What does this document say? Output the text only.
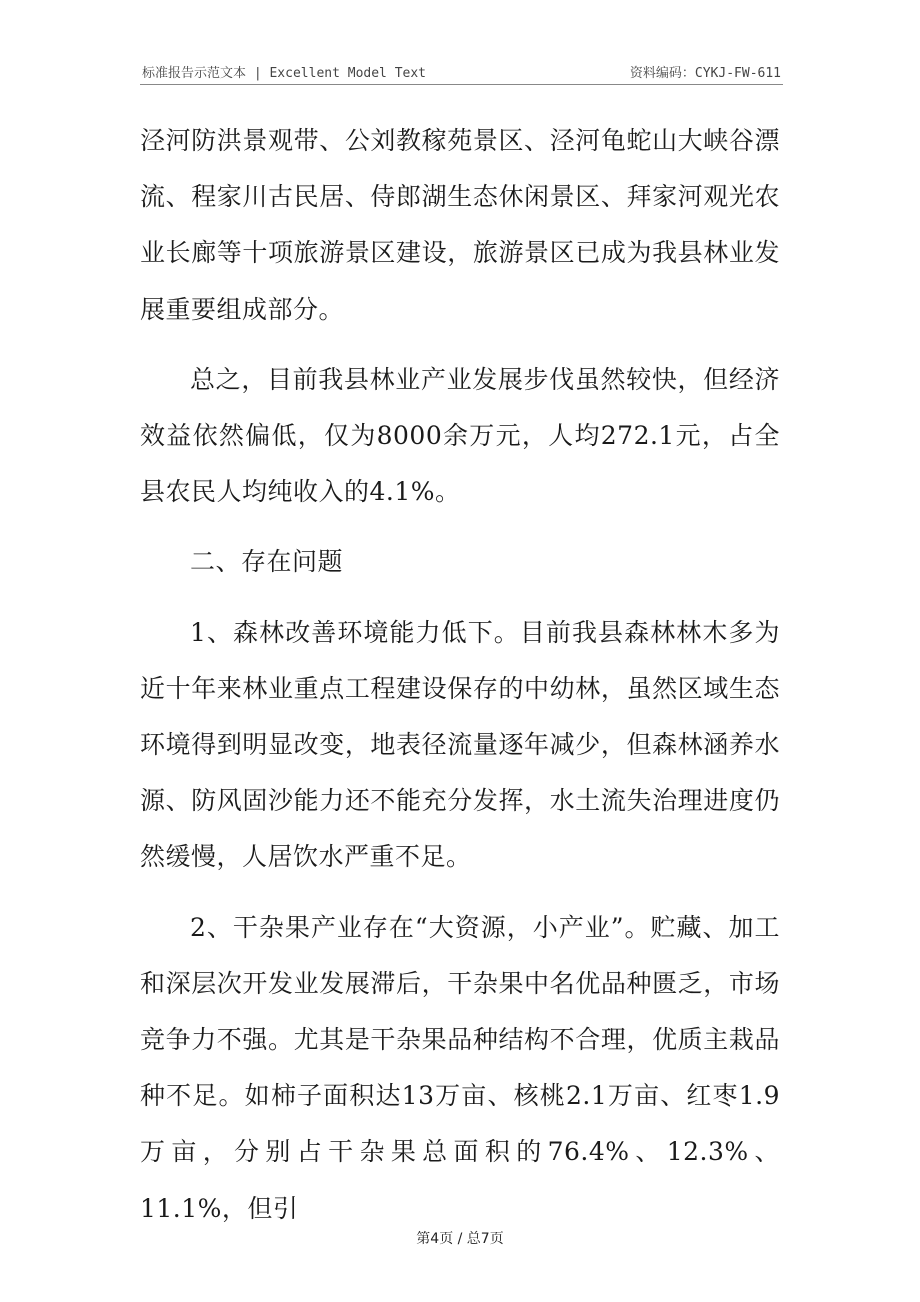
标准报告示范文本 | Excellent Model Text	资料编码：CYKJ-FW-611

泾河防洪景观带、公刘教稼苑景区、泾河龟蛇山大峡谷漂流、程家川古民居、侍郎湖生态休闲景区、拜家河观光农业长廊等十项旅游景区建设，旅游景区已成为我县林业发展重要组成部分。

总之，目前我县林业产业发展步伐虽然较快，但经济效益依然偏低，仅为8000余万元，人均272.1元，占全县农民人均纯收入的4.1%。

二、存在问题

1、森林改善环境能力低下。目前我县森林林木多为近十年来林业重点工程建设保存的中幼林，虽然区域生态环境得到明显改变，地表径流量逐年减少，但森林涵养水源、防风固沙能力还不能充分发挥，水土流失治理进度仍然缓慢，人居饮水严重不足。

2、干杂果产业存在“大资源，小产业”。贮藏、加工和深层次开发业发展滞后，干杂果中名优品种匮乏，市场竞争力不强。尤其是干杂果品种结构不合理，优质主栽品种不足。如柿子面积达13万亩、核桃2.1万亩、红枣1.9万亩，分别占干杂果总面积的76.4%、12.3%、11.1%，但引

第4页 / 总7页
